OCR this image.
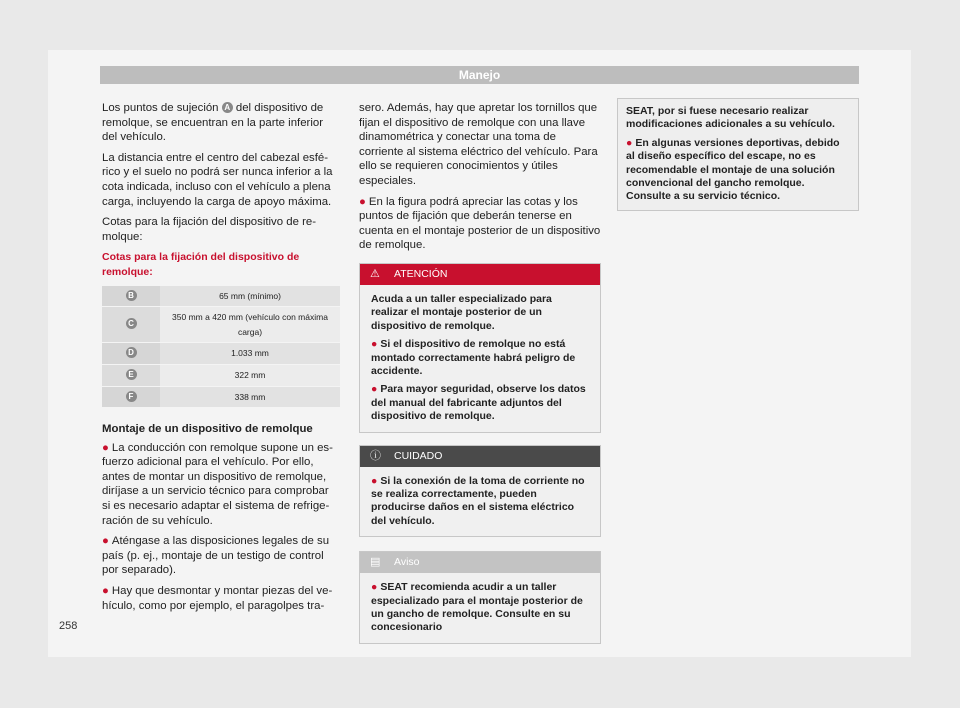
Manejo

Los puntos de sujeción A del dispositivo de remolque, se encuentran en la parte inferior del vehículo.

La distancia entre el centro del cabezal esférico y el suelo no podrá ser nunca inferior a la cota indicada, incluso con el vehículo a plena carga, incluyendo la carga de apoyo máxima.

Cotas para la fijación del dispositivo de remolque:

Cotas para la fijación del dispositivo de remolque:
B	65 mm (mínimo)
C	350 mm a 420 mm (vehículo con máxima carga)
D	1.033 mm
E	322 mm
F	338 mm
Montaje de un dispositivo de remolque

● La conducción con remolque supone un esfuerzo adicional para el vehículo. Por ello, antes de montar un dispositivo de remolque, diríjase a un servicio técnico para comprobar si es necesario adaptar el sistema de refrigeración de su vehículo.

● Aténgase a las disposiciones legales de su país (p. ej., montaje de un testigo de control por separado).

● Hay que desmontar y montar piezas del vehículo, como por ejemplo, el paragolpes tra-

sero. Además, hay que apretar los tornillos que fijan el dispositivo de remolque con una llave dinamométrica y conectar una toma de corriente al sistema eléctrico del vehículo. Para ello se requieren conocimientos y útiles especiales.

● En la figura podrá apreciar las cotas y los puntos de fijación que deberán tenerse en cuenta en el montaje posterior de un dispositivo de remolque.

⚠ ATENCIÓN

Acuda a un taller especializado para realizar el montaje posterior de un dispositivo de remolque.

● Si el dispositivo de remolque no está montado correctamente habrá peligro de accidente.

● Para mayor seguridad, observe los datos del manual del fabricante adjuntos del dispositivo de remolque.

ⓘ CUIDADO

● Si la conexión de la toma de corriente no se realiza correctamente, pueden producirse daños en el sistema eléctrico del vehículo.

▤ Aviso

● SEAT recomienda acudir a un taller especializado para el montaje posterior de un gancho de remolque. Consulte en su concesionario

SEAT, por si fuese necesario realizar modificaciones adicionales a su vehículo.

● En algunas versiones deportivas, debido al diseño específico del escape, no es recomendable el montaje de una solución convencional del gancho remolque. Consulte a su servicio técnico.

258
